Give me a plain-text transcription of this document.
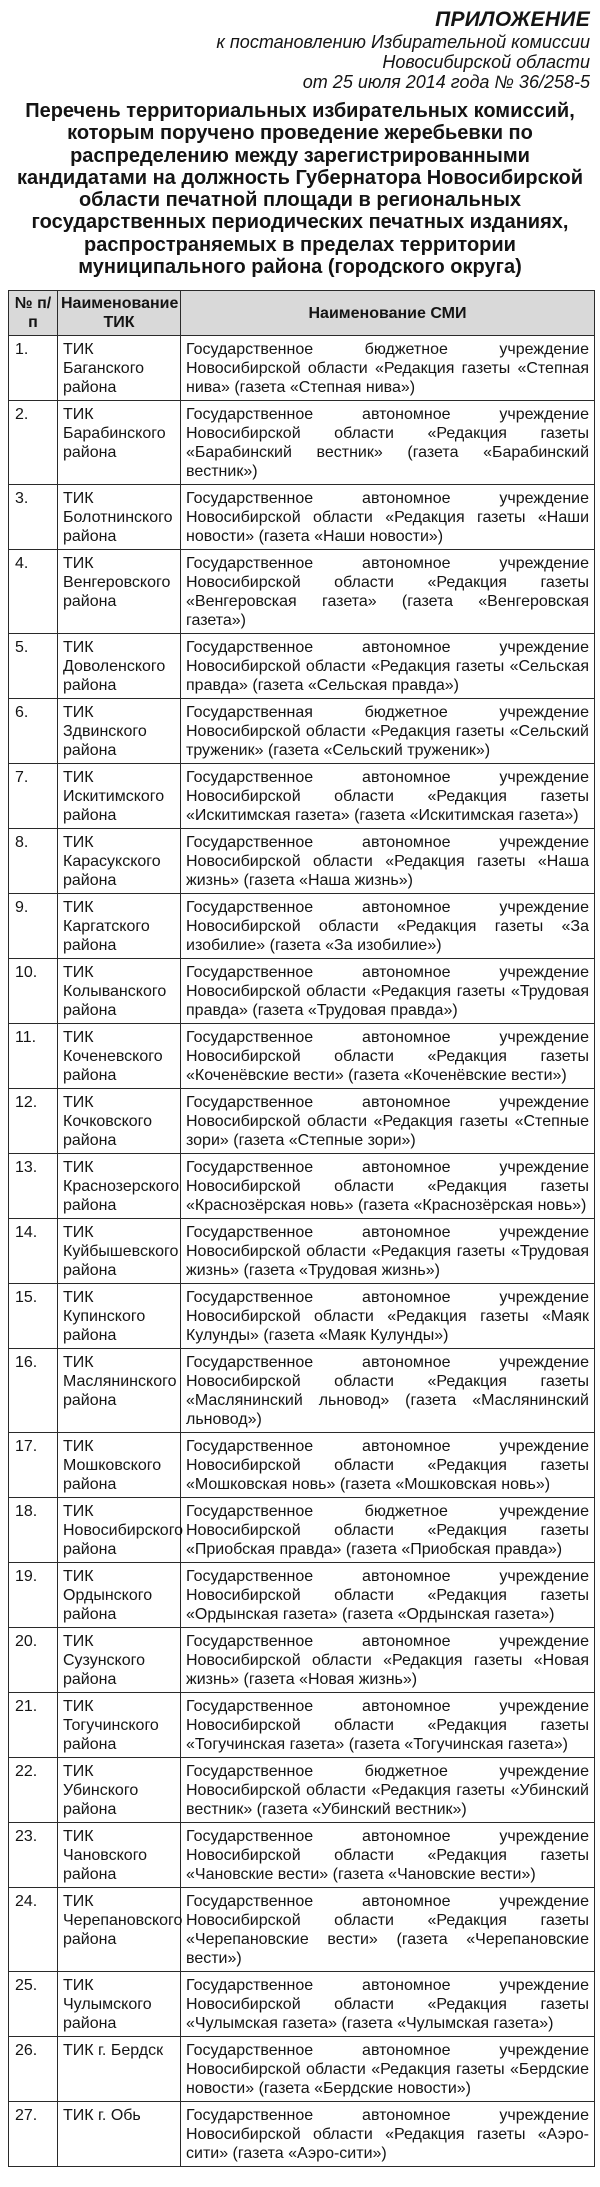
ПРИЛОЖЕНИЕ
к постановлению Избирательной комиссии
Новосибирской области
от 25 июля 2014 года № 36/258-5
Перечень территориальных избирательных комиссий, которым поручено проведение жеребьевки по распределению между зарегистрированными кандидатами на должность Губернатора Новосибирской области печатной площади в региональных государственных периодических печатных изданиях, распространяемых в пределах территории муниципального района (городского округа)
№ п/п	Наименование ТИК	Наименование СМИ
1.	ТИК Баганского района	Государственное бюджетное учреждение Новосибирской области «Редакция газеты «Степная нива» (газета «Степная нива»)
2.	ТИК Барабинского района	Государственное автономное учреждение Новосибирской области «Редакция газеты «Барабинский вестник» (газета «Барабинский вестник»)
3.	ТИК Болотнинского района	Государственное автономное учреждение Новосибирской области «Редакция газеты «Наши новости» (газета «Наши новости»)
4.	ТИК Венгеровского района	Государственное автономное учреждение Новосибирской области «Редакция газеты «Венгеровская газета» (газета «Венгеровская газета»)
5.	ТИК Доволенского района	Государственное автономное учреждение Новосибирской области «Редакция газеты «Сельская правда» (газета «Сельская правда»)
6.	ТИК Здвинского района	Государственная бюджетное учреждение Новосибирской области «Редакция газеты «Сельский труженик» (газета «Сельский труженик»)
7.	ТИК Искитимского района	Государственное автономное учреждение Новосибирской области «Редакция газеты «Искитимская газета» (газета «Искитимская газета»)
8.	ТИК Карасукского района	Государственное автономное учреждение Новосибирской области «Редакция газеты «Наша жизнь» (газета «Наша жизнь»)
9.	ТИК Каргатского района	Государственное автономное учреждение Новосибирской области «Редакция газеты «За изобилие» (газета «За изобилие»)
10.	ТИК Колыванского района	Государственное автономное учреждение Новосибирской области «Редакция газеты «Трудовая правда» (газета «Трудовая правда»)
11.	ТИК Коченевского района	Государственное автономное учреждение Новосибирской области «Редакция газеты «Коченёвские вести» (газета «Коченёвские вести»)
12.	ТИК Кочковского района	Государственное автономное учреждение Новосибирской области «Редакция газеты «Степные зори» (газета «Степные зори»)
13.	ТИК Краснозерского района	Государственное автономное учреждение Новосибирской области «Редакция газеты «Краснозёрская новь» (газета «Краснозёрская новь»)
14.	ТИК Куйбышевского района	Государственное автономное учреждение Новосибирской области «Редакция газеты «Трудовая жизнь» (газета «Трудовая жизнь»)
15.	ТИК Купинского района	Государственное автономное учреждение Новосибирской области «Редакция газеты «Маяк Кулунды» (газета «Маяк Кулунды»)
16.	ТИК Маслянинского района	Государственное автономное учреждение Новосибирской области «Редакция газеты «Маслянинский льновод» (газета «Маслянинский льновод»)
17.	ТИК Мошковского района	Государственное автономное учреждение Новосибирской области «Редакция газеты «Мошковская новь» (газета «Мошковская новь»)
18.	ТИК Новосибирского района	Государственное бюджетное учреждение Новосибирской области «Редакция газеты «Приобская правда» (газета «Приобская правда»)
19.	ТИК Ордынского района	Государственное автономное учреждение Новосибирской области «Редакция газеты «Ордынская газета» (газета «Ордынская газета»)
20.	ТИК Сузунского района	Государственное автономное учреждение Новосибирской области «Редакция газеты «Новая жизнь» (газета «Новая жизнь»)
21.	ТИК Тогучинского района	Государственное автономное учреждение Новосибирской области «Редакция газеты «Тогучинская газета» (газета «Тогучинская газета»)
22.	ТИК Убинского района	Государственное бюджетное учреждение Новосибирской области «Редакция газеты «Убинский вестник» (газета «Убинский вестник»)
23.	ТИК Чановского района	Государственное автономное учреждение Новосибирской области «Редакция газеты «Чановские вести» (газета «Чановские вести»)
24.	ТИК Черепановского района	Государственное автономное учреждение Новосибирской области «Редакция газеты «Черепановские вести» (газета «Черепановские вести»)
25.	ТИК Чулымского района	Государственное автономное учреждение Новосибирской области «Редакция газеты «Чулымская газета» (газета «Чулымская газета»)
26.	ТИК г. Бердск	Государственное автономное учреждение Новосибирской области «Редакция газеты «Бердские новости» (газета «Бердские новости»)
27.	ТИК г. Обь	Государственное автономное учреждение Новосибирской области «Редакция газеты «Аэро-сити» (газета «Аэро-сити»)
